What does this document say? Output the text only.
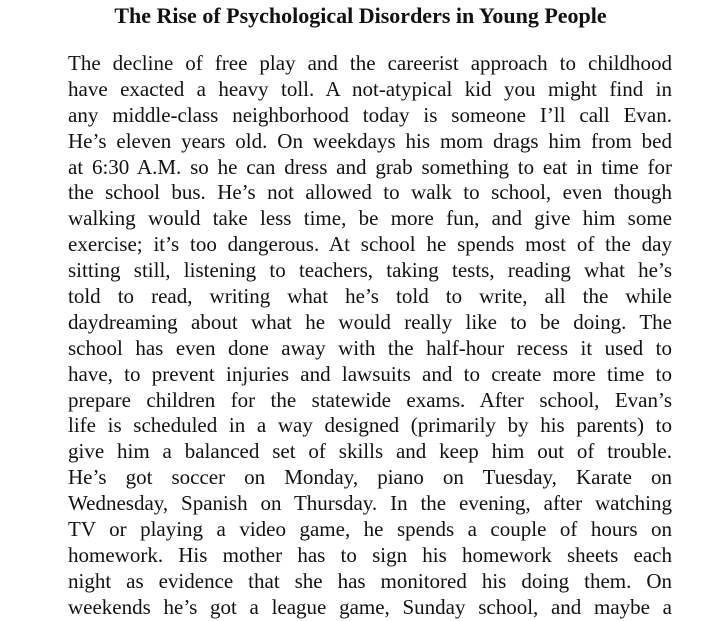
The Rise of Psychological Disorders in Young People
The decline of free play and the careerist approach to childhood
have exacted a heavy toll. A not-atypical kid you might find in
any middle-class neighborhood today is someone I’ll call Evan.
He’s eleven years old. On weekdays his mom drags him from bed
at 6:30 A.M. so he can dress and grab something to eat in time for
the school bus. He’s not allowed to walk to school, even though
walking would take less time, be more fun, and give him some
exercise; it’s too dangerous. At school he spends most of the day
sitting still, listening to teachers, taking tests, reading what he’s
told to read, writing what he’s told to write, all the while
daydreaming about what he would really like to be doing. The
school has even done away with the half-hour recess it used to
have, to prevent injuries and lawsuits and to create more time to
prepare children for the statewide exams. After school, Evan’s
life is scheduled in a way designed (primarily by his parents) to
give him a balanced set of skills and keep him out of trouble.
He’s got soccer on Monday, piano on Tuesday, Karate on
Wednesday, Spanish on Thursday. In the evening, after watching
TV or playing a video game, he spends a couple of hours on
homework. His mother has to sign his homework sheets each
night as evidence that she has monitored his doing them. On
weekends he’s got a league game, Sunday school, and maybe a
